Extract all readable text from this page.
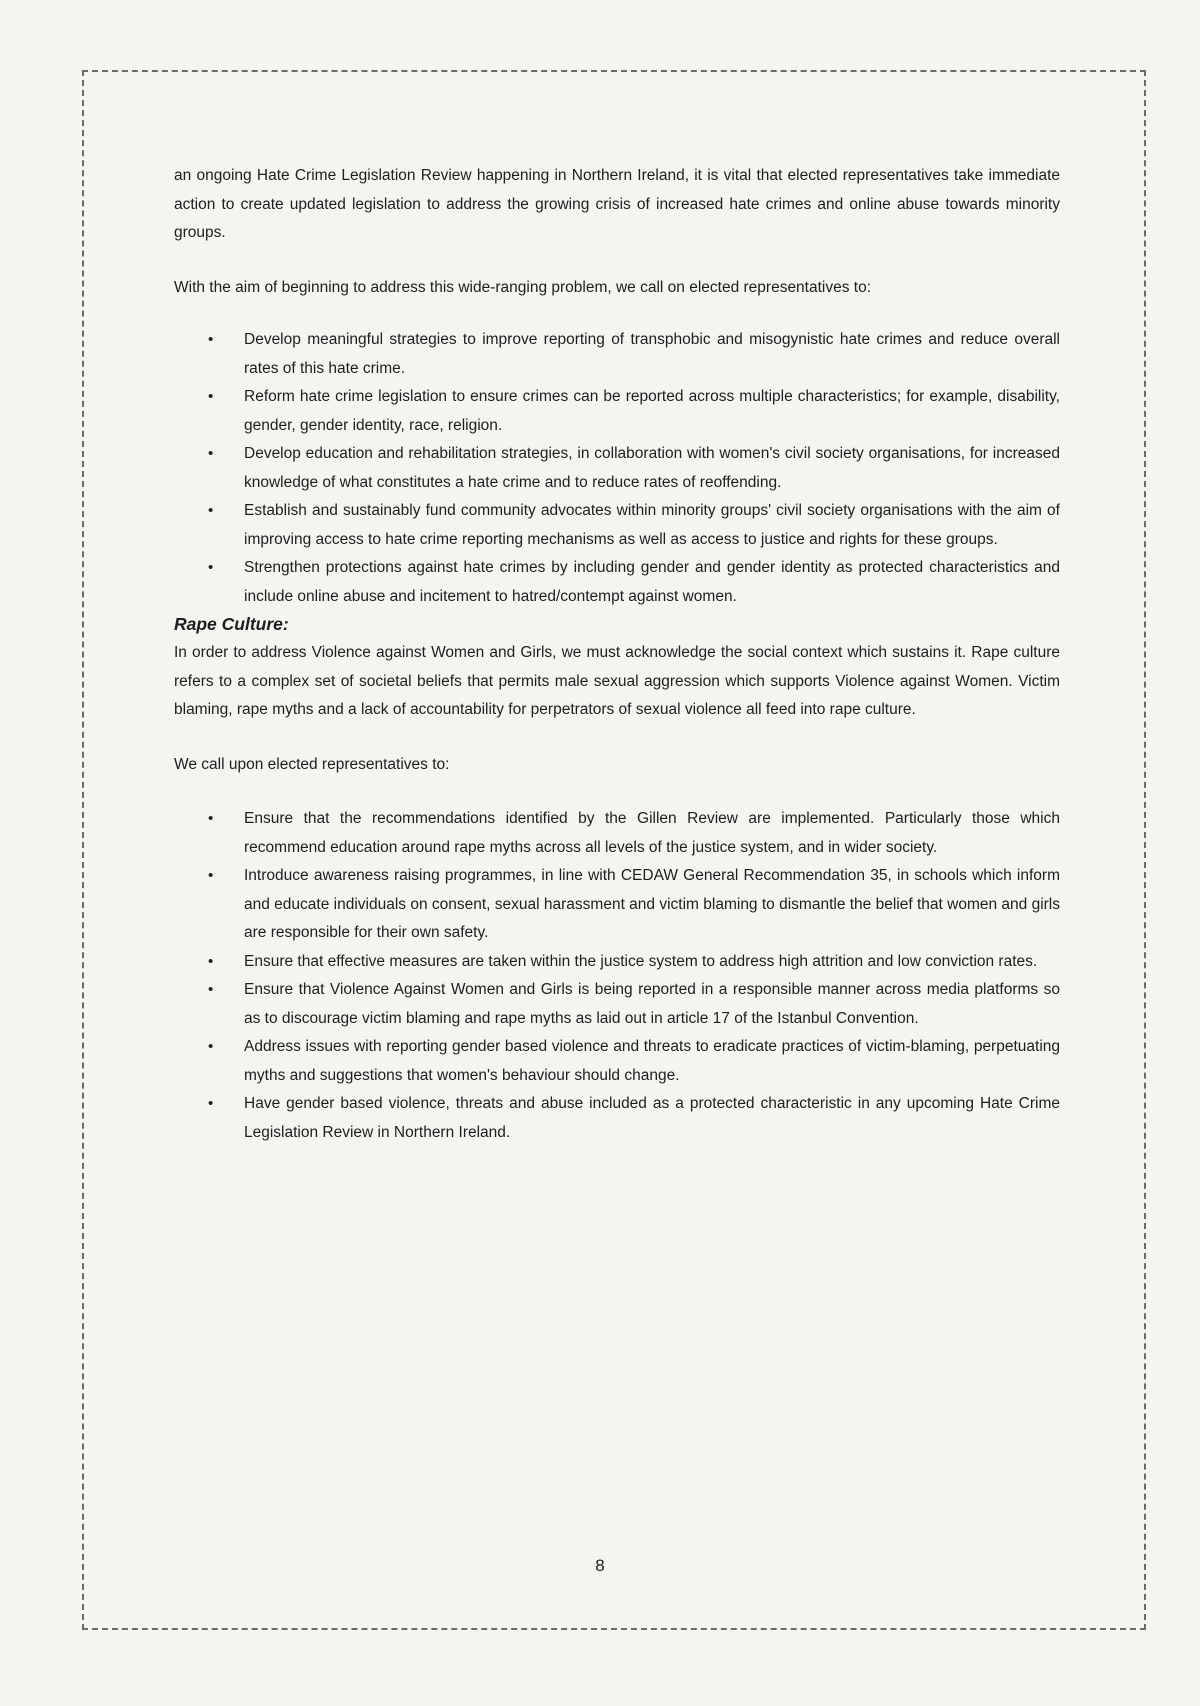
an ongoing Hate Crime Legislation Review happening in Northern Ireland, it is vital that elected representatives take immediate action to create updated legislation to address the growing crisis of increased hate crimes and online abuse towards minority groups.

With the aim of beginning to address this wide-ranging problem, we call on elected representatives to:

• Develop meaningful strategies to improve reporting of transphobic and misogynistic hate crimes and reduce overall rates of this hate crime.
• Reform hate crime legislation to ensure crimes can be reported across multiple characteristics; for example, disability, gender, gender identity, race, religion.
• Develop education and rehabilitation strategies, in collaboration with women's civil society organisations, for increased knowledge of what constitutes a hate crime and to reduce rates of reoffending.
• Establish and sustainably fund community advocates within minority groups' civil society organisations with the aim of improving access to hate crime reporting mechanisms as well as access to justice and rights for these groups.
• Strengthen protections against hate crimes by including gender and gender identity as protected characteristics and include online abuse and incitement to hatred/contempt against women.
Rape Culture:

In order to address Violence against Women and Girls, we must acknowledge the social context which sustains it. Rape culture refers to a complex set of societal beliefs that permits male sexual aggression which supports Violence against Women. Victim blaming, rape myths and a lack of accountability for perpetrators of sexual violence all feed into rape culture.

We call upon elected representatives to:

• Ensure that the recommendations identified by the Gillen Review are implemented. Particularly those which recommend education around rape myths across all levels of the justice system, and in wider society.
• Introduce awareness raising programmes, in line with CEDAW General Recommendation 35, in schools which inform and educate individuals on consent, sexual harassment and victim blaming to dismantle the belief that women and girls are responsible for their own safety.
• Ensure that effective measures are taken within the justice system to address high attrition and low conviction rates.
• Ensure that Violence Against Women and Girls is being reported in a responsible manner across media platforms so as to discourage victim blaming and rape myths as laid out in article 17 of the Istanbul Convention.
• Address issues with reporting gender based violence and threats to eradicate practices of victim-blaming, perpetuating myths and suggestions that women's behaviour should change.
• Have gender based violence, threats and abuse included as a protected characteristic in any upcoming Hate Crime Legislation Review in Northern Ireland.
8
